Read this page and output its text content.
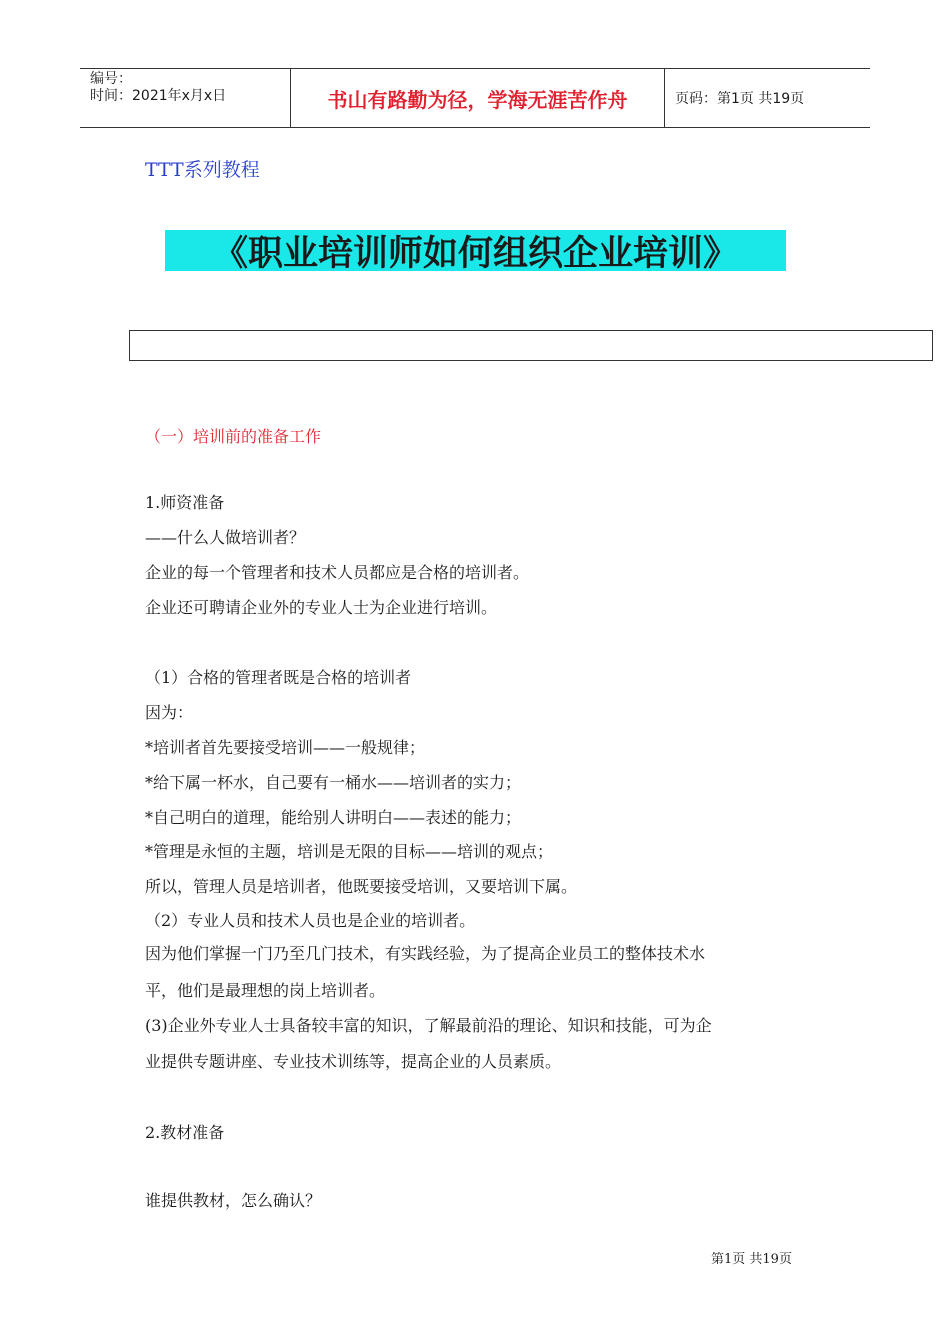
编号：
时间：2021年x月x日	书山有路勤为径，学海无涯苦作舟	页码：第1页 共19页
TTT系列教程
《职业培训师如何组织企业培训》
（一）培训前的准备工作
1.师资准备
——什么人做培训者？
企业的每一个管理者和技术人员都应是合格的培训者。
企业还可聘请企业外的专业人士为企业进行培训。
（1）合格的管理者既是合格的培训者
因为：
*培训者首先要接受培训——一般规律；
*给下属一杯水，自己要有一桶水——培训者的实力；
*自己明白的道理，能给别人讲明白——表述的能力；
*管理是永恒的主题，培训是无限的目标——培训的观点；
所以，管理人员是培训者，他既要接受培训，又要培训下属。
（2）专业人员和技术人员也是企业的培训者。
因为他们掌握一门乃至几门技术，有实践经验，为了提高企业员工的整体技术水
平，他们是最理想的岗上培训者。
(3)企业外专业人士具备较丰富的知识，了解最前沿的理论、知识和技能，可为企
业提供专题讲座、专业技术训练等，提高企业的人员素质。
2.教材准备
谁提供教材，怎么确认？
第1页 共19页
